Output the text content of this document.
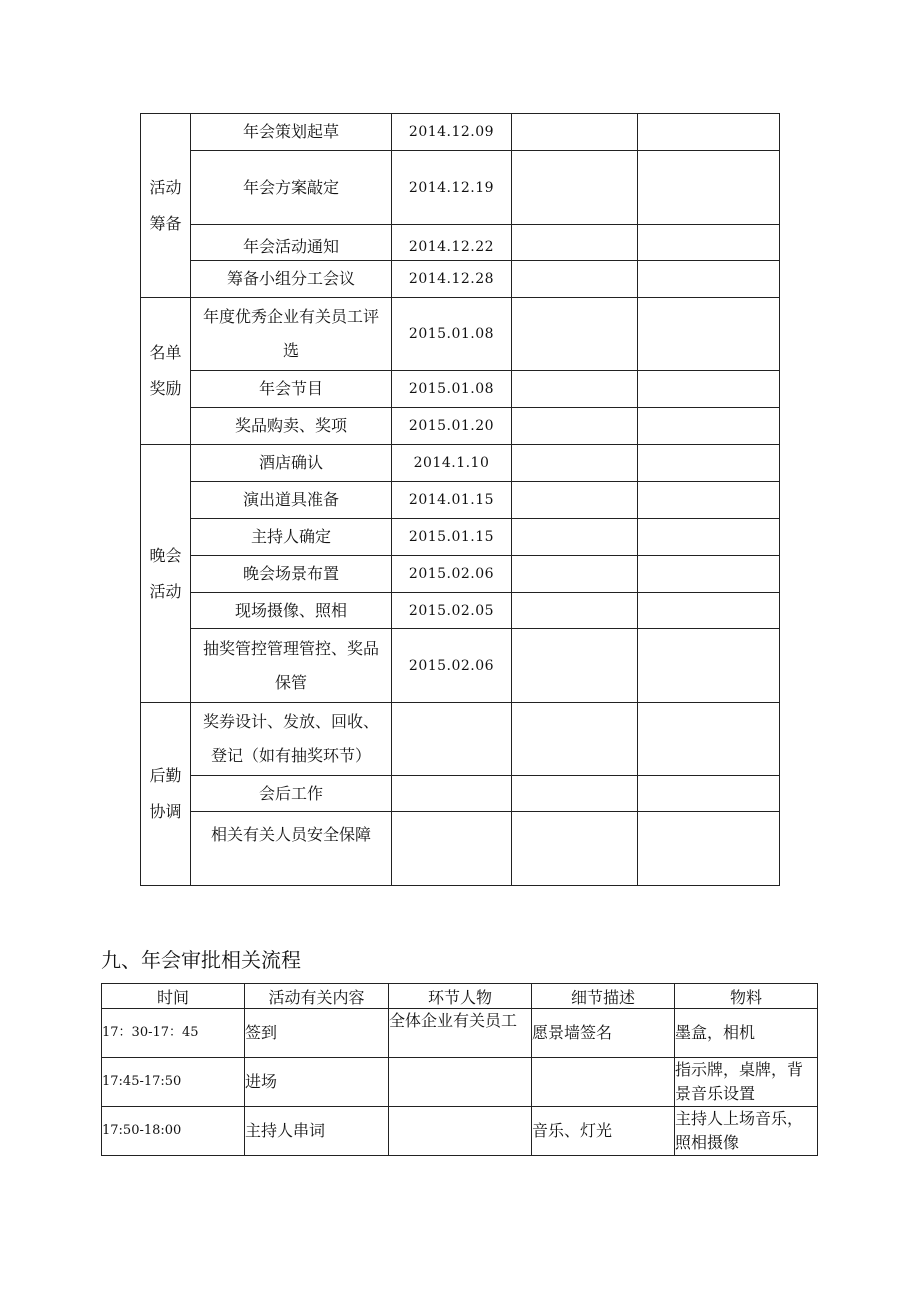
活动筹备	年会策划起草	2014.12.09		
	年会方案敲定	2014.12.19		
	年会活动通知	2014.12.22		
	筹备小组分工会议	2014.12.28		
名单奖励	年度优秀企业有关员工评选	2015.01.08		
	年会节目	2015.01.08		
	奖品购卖、奖项	2015.01.20		
晚会活动	酒店确认	2014.1.10		
	演出道具准备	2014.01.15		
	主持人确定	2015.01.15		
	晚会场景布置	2015.02.06		
	现场摄像、照相	2015.02.05		
	抽奖管控管理管控、奖品保管	2015.02.06		
后勤协调	奖券设计、发放、回收、登记（如有抽奖环节）			
	会后工作			
	相关有关人员安全保障			
九、年会审批相关流程
时间	活动有关内容	环节人物	细节描述	物料
17：30-17：45	签到	全体企业有关员工	愿景墙签名	墨盒，相机
17:45-17:50	进场			指示牌，桌牌，背景音乐设置

17:50-18:00	主持人串词		音乐、灯光	主持人上场音乐，照相摄像
